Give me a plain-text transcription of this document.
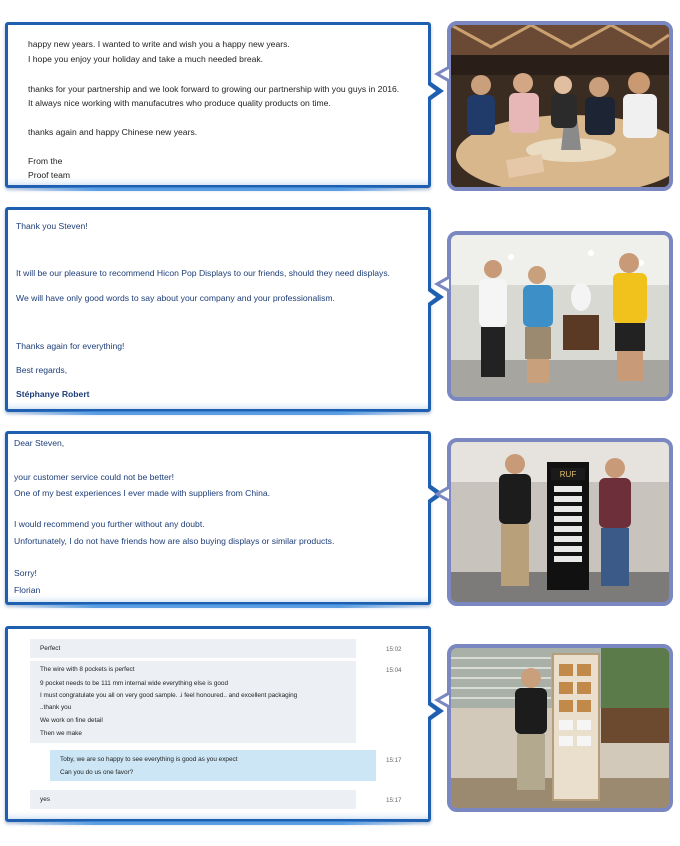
happy new years. I wanted to write and wish you a happy new years.
I hope you enjoy your holiday and take a much needed break.
thanks for your partnership and we look forward to growing our partnership with you guys in 2016.
It always nice working with manufacutres who produce quality products on time.
thanks again and happy Chinese new years.
From the
Proof team
Thank you Steven!
It will be our pleasure to recommend Hicon Pop Displays to our friends, should they need displays.
We will have only good words to say about your company and your professionalism.
Thanks again for everything!
Best regards,
Stéphanye Robert
Dear Steven,
your customer service could not be better!
One of my best experiences I ever made with suppliers from China.
I would recommend you further without any doubt.
Unfortunately, I do not have friends how are also buying displays or similar products.
Sorry!
Florian
RUF
Perfect	15:02
The wire with 8 pockets is perfect
9 pocket needs to be 111 mm internal wide everything else is good
I must congratulate you all on very good sample. .i feel honoured.. and excellent packaging
..thank you
We work on fine detail
Then we make
15:04
Toby, we are so happy to see everything is good as you expect
Can you do us one favor?
15:17
yes	15:17
